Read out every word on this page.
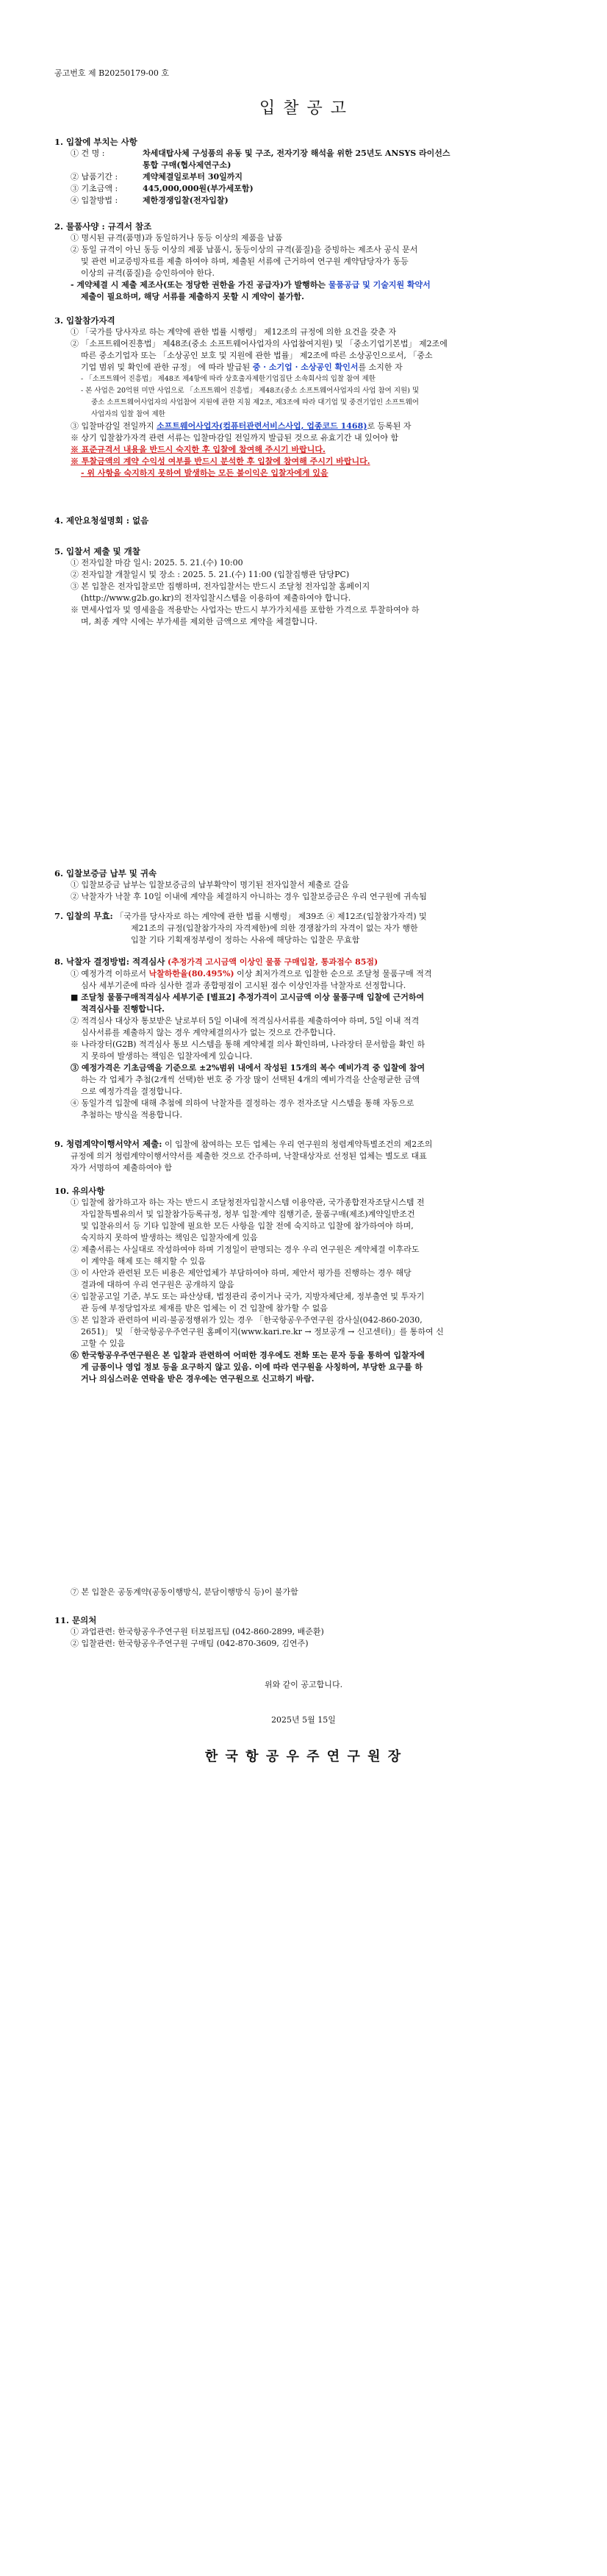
공고번호 제 B20250179-00 호
입 찰 공 고
1. 입찰에 부치는 사항
① 건 명 :	차세대탑사체 구성품의 유동 및 구조, 전자기장 해석을 위한 25년도 ANSYS 라이선스
통합 구매(협사제연구소)
② 납품기간 :	계약체결일로부터 30일까지
③ 기초금액 :	445,000,000원(부가세포함)
④ 입찰방법 :	제한경쟁입찰(전자입찰)
2. 물품사양 : 규격서 참조
① 명시된 규격(품명)과 동일하거나 동등 이상의 제품을 납품
② 동일 규격이 아닌 동등 이상의 제품 납품시, 동등이상의 규격(품질)을 증빙하는 제조사 공식 문서
및 관련 비교증빙자료를 제출 하여야 하며, 제출된 서류에 근거하여 연구원 계약담당자가 동등
이상의 규격(품질)을 승인하여야 한다.
- 계약체결 시 제출 제조사(또는 정당한 권한을 가진 공급자)가 발행하는 물품공급 및 기술지원 확약서
제출이 필요하며, 해당 서류를 제출하지 못할 시 계약이 불가함.
3. 입찰참가자격
① 「국가를 당사자로 하는 계약에 관한 법률 시행령」 제12조의 규정에 의한 요건을 갖춘 자
② 「소프트웨어진흥법」 제48조(중소 소프트웨어사업자의 사업참여지원) 및 「중소기업기본법」 제2조에
따른 중소기업자 또는 「소상공인 보호 및 지원에 관한 법률」 제2조에 따른 소상공인으로서, 「중소
기업 범위 및 확인에 관한 규정」 에 따라 발급된 중 · 소기업 · 소상공인 확인서를 소지한 자
- 「소프트웨어 진흥법」 제48조 제4항에 따라 상호출자제한기업집단 소속회사의 입찰 참여 제한
- 본 사업은 20억원 미만 사업으로 「소프트웨어 진흥법」 제48조(중소 소프트웨어사업자의 사업 참여 지원) 및
중소 소프트웨어사업자의 사업참여 지원에 관한 지침 제2조, 제3조에 따라 대기업 및 중견기업인 소프트웨어
사업자의 입찰 참여 제한
③ 입찰마감일 전일까지 소프트웨어사업자(컴퓨터관련서비스사업, 업종코드 1468)로 등록된 자
※ 상기 입찰참가자격 관련 서류는 입찰마감일 전일까지 발급된 것으로 유효기간 내 있어야 함
※ 표준규격서 내용을 반드시 숙지한 후 입찰에 참여해 주시기 바랍니다.
※ 투찰금액의 계약 수익성 여부를 반드시 분석한 후 입찰에 참여해 주시기 바랍니다.
- 위 사항을 숙지하지 못하여 발생하는 모든 불이익은 입찰자에게 있음
4. 제안요청설명회 : 없음
5. 입찰서 제출 및 개찰
① 전자입찰 마감 일시: 2025. 5. 21.(수) 10:00
② 전자입찰 개찰일시 및 장소 : 2025. 5. 21.(수) 11:00 (입찰집행관 담당PC)
③ 본 입찰은 전자입찰로만 집행하며, 전자입찰서는 반드시 조달청 전자입찰 홈페이지
(http://www.g2b.go.kr)의 전자입찰시스템을 이용하여 제출하여야 합니다.
※ 면세사업자 및 영세율을 적용받는 사업자는 반드시 부가가치세를 포함한 가격으로 투찰하여야 하
며, 최종 계약 시에는 부가세를 제외한 금액으로 계약을 체결합니다.
6. 입찰보증금 납부 및 귀속
① 입찰보증금 납부는 입찰보증금의 납부확약이 명기된 전자입찰서 제출로 갈음
② 낙찰자가 낙찰 후 10일 이내에 계약을 체결하지 아니하는 경우 입찰보증금은 우리 연구원에 귀속됨
7. 입찰의 무효: 「국가를 당사자로 하는 계약에 관한 법률 시행령」 제39조 ④ 제12조(입찰참가자격) 및
제21조의 규정(입찰참가자의 자격제한)에 의한 경쟁참가의 자격이 없는 자가 행한
입찰 기타 기획재정부령이 정하는 사유에 해당하는 입찰은 무효함
8. 낙찰자 결정방법: 적격심사 (추정가격 고시금액 이상인 물품 구매입찰, 통과점수 85점)
① 예정가격 이하로서 낙찰하한율(80.495%) 이상 최저가격으로 입찰한 순으로 조달청 물품구매 적격
심사 세부기준에 따라 심사한 결과 종합평점이 고시된 점수 이상인자를 낙찰자로 선정합니다.
■ 조달청 물품구매적격심사 세부기준 [별표2] 추정가격이 고시금액 이상 물품구매 입찰에 근거하여
적격심사를 진행합니다.
② 적격심사 대상자 통보받은 날로부터 5일 이내에 적격심사서류를 제출하여야 하며, 5일 이내 적격
심사서류를 제출하지 않는 경우 계약체결의사가 없는 것으로 간주합니다.
※ 나라장터(G2B) 적격심사 통보 시스템을 통해 계약체결 의사 확인하며, 나라장터 문서함을 확인 하
지 못하여 발생하는 책임은 입찰자에게 있습니다.
③ 예정가격은 기초금액을 기준으로 ±2%범위 내에서 작성된 15개의 복수 예비가격 중 입찰에 참여
하는 각 업체가 추첨(2개씩 선택)한 번호 중 가장 많이 선택된 4개의 예비가격을 산술평균한 금액
으로 예정가격을 결정합니다.
④ 동일가격 입찰에 대해 추첨에 의하여 낙찰자를 결정하는 경우 전자조달 시스템을 통해 자동으로
추첨하는 방식을 적용합니다.
9. 청렴계약이행서약서 제출: 이 입찰에 참여하는 모든 업체는 우리 연구원의 청렴계약특별조건의 제2조의
규정에 의거 청렴계약이행서약서를 제출한 것으로 간주하며, 낙찰대상자로 선정된 업체는 별도로 대표
자가 서명하여 제출하여야 함
10. 유의사항
① 입찰에 참가하고자 하는 자는 반드시 조달청전자입찰시스템 이용약관, 국가종합전자조달시스템 전
자입찰특별유의서 및 입찰참가등록규정, 청부 입찰·계약 집행기준, 물품구매(제조)계약일반조건
및 입찰유의서 등 기타 입찰에 필요한 모든 사항을 입찰 전에 숙지하고 입찰에 참가하여야 하며,
숙지하지 못하여 발생하는 책임은 입찰자에게 있음
② 제출서류는 사실대로 작성하여야 하며 기정일이 판명되는 경우 우리 연구원은 계약체결 이후라도
이 계약을 해제 또는 해지할 수 있음
③ 이 사안과 관련된 모든 비용은 제안업체가 부담하여야 하며, 제안서 평가를 진행하는 경우 해당
결과에 대하여 우리 연구원은 공개하지 않음
④ 입찰공고일 기준, 부도 또는 파산상태, 법정관리 중이거나 국가, 지방자체단체, 정부출연 및 투자기
관 등에 부정당업자로 제재를 받은 업체는 이 건 입찰에 참가할 수 없음
⑤ 본 입찰과 관련하여 비리·불공정행위가 있는 경우 「한국항공우주연구원 감사실(042-860-2030,
2651)」 및 「한국항공우주연구원 홈페이지(www.kari.re.kr → 정보공개 → 신고센터)」를 통하여 신
고할 수 있음
⑥ 한국항공우주연구원은 본 입찰과 관련하여 어떠한 경우에도 전화 또는 문자 등을 통하여 입찰자에
게 금품이나 영업 정보 등을 요구하지 않고 있음. 이에 따라 연구원을 사칭하여, 부당한 요구를 하
거나 의심스러운 연락을 받은 경우에는 연구원으로 신고하기 바람.
⑦ 본 입찰은 공동계약(공동이행방식, 분담이행방식 등)이 불가함
11. 문의처
① 과업관련: 한국항공우주연구원 터보펌프팀 (042-860-2899, 배준환)
② 입찰관련: 한국항공우주연구원 구매팀 (042-870-3609, 김연주)
위와 같이 공고합니다.
2025년 5월 15일
한 국 항 공 우 주 연 구 원 장
